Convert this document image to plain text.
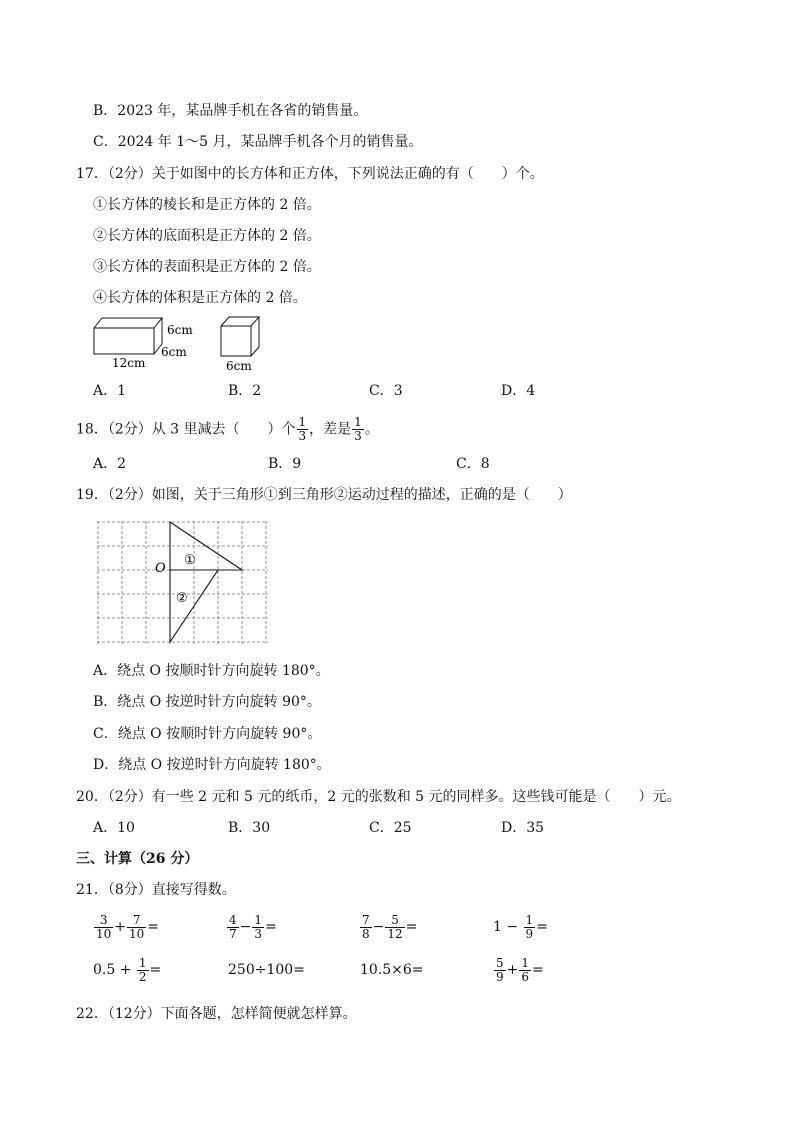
B．2023 年，某品牌手机在各省的销售量。
C．2024 年 1～5 月，某品牌手机各个月的销售量。
17．（2分）关于如图中的长方体和正方体，下列说法正确的有（　　）个。
①长方体的棱长和是正方体的 2 倍。
②长方体的底面积是正方体的 2 倍。
③长方体的表面积是正方体的 2 倍。
④长方体的体积是正方体的 2 倍。
6cm
6cm
12cm	6cm
A．1	B．2	C．3	D．4
18．（2分）从 3 里减去（　　）个 $\frac{1}{3}$ ，差是 $\frac{1}{3}$ 。
A．2	B．9	C．8
19．（2分）如图，关于三角形①到三角形②运动过程的描述，正确的是（　　）
O
①
②
A．绕点 O 按顺时针方向旋转 180°。
B．绕点 O 按逆时针方向旋转 90°。
C．绕点 O 按顺时针方向旋转 90°。
D．绕点 O 按逆时针方向旋转 180°。
20．（2分）有一些 2 元和 5 元的纸币，2 元的张数和 5 元的同样多。这些钱可能是（　　）元。
A．10	B．30	C．25	D．35
三、计算（26 分）
21．（8分）直接写得数。
$\frac{3}{10} + \frac{7}{10}$ =	$\frac{4}{7} - \frac{1}{3}$ =	$\frac{7}{8} - \frac{5}{12}$ =	$1 - \frac{1}{9}$ =
$0.5 + \frac{1}{2}$ =	250÷100=	10.5×6=	$\frac{5}{9} + \frac{1}{6}$ =
22．（12分）下面各题，怎样简便就怎样算。
